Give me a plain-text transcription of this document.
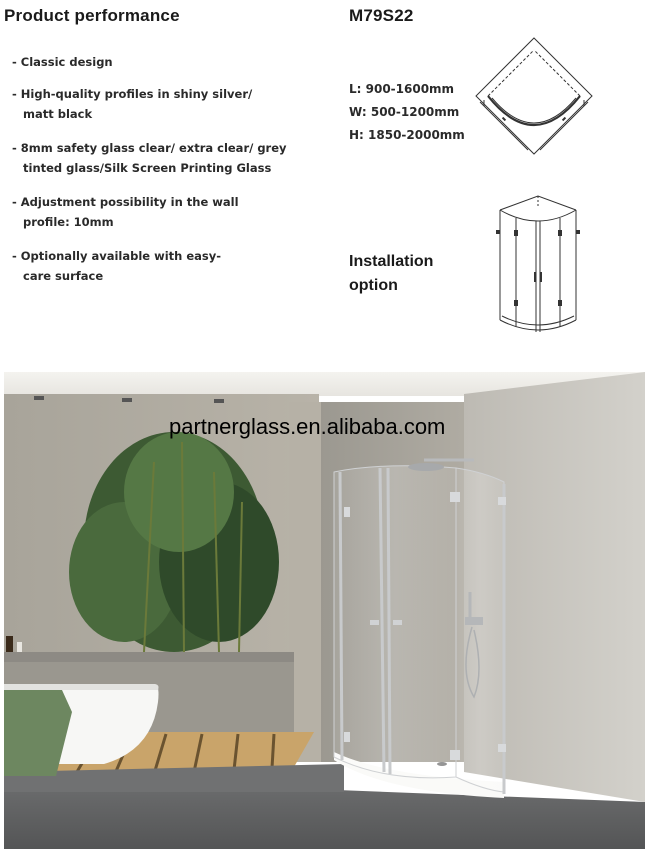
Product performance	M79S22
- Classic design
- High-quality profiles in shiny silver/
matt black
- 8mm safety glass clear/ extra clear/ grey
tinted glass/Silk Screen Printing Glass
- Adjustment possibility in the wall
profile: 10mm
- Optionally available with easy-
care surface
L: 900-1600mm
W: 500-1200mm
H: 1850-2000mm
Installation
option
partnerglass.en.alibaba.com
